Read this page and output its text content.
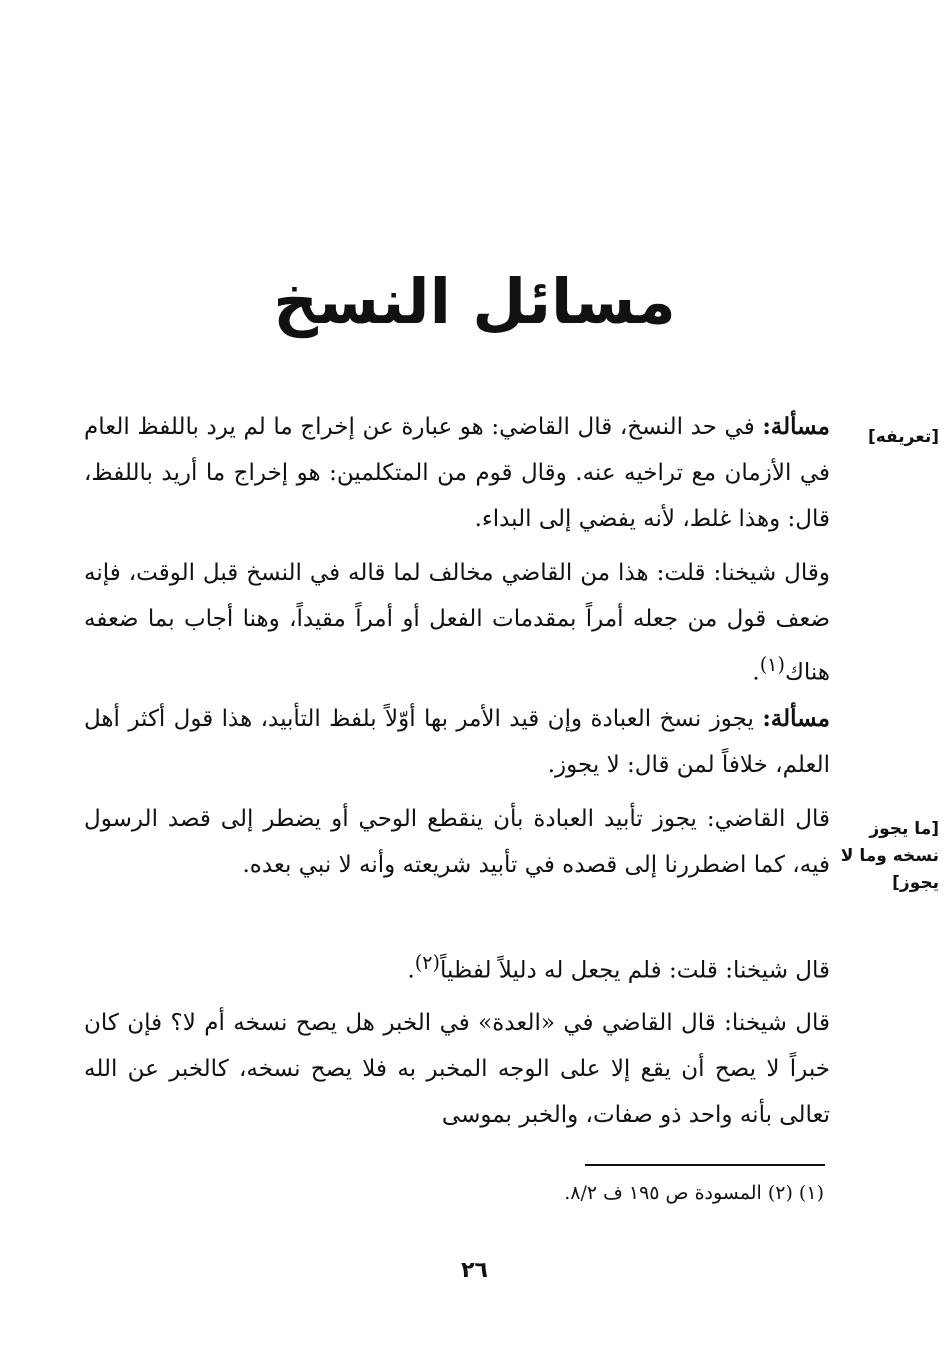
مسائل النسخ
[تعريفه]
[ما يجوز نسخه وما لا يجوز]

مسألة: في حد النسخ، قال القاضي: هو عبارة عن إخراج ما لم يرد باللفظ العام في الأزمان مع تراخيه عنه. وقال قوم من المتكلمين: هو إخراج ما أريد باللفظ، قال: وهذا غلط، لأنه يفضي إلى البداء.

وقال شيخنا: قلت: هذا من القاضي مخالف لما قاله في النسخ قبل الوقت، فإنه ضعف قول من جعله أمراً بمقدمات الفعل أو أمراً مقيداً، وهنا أجاب بما ضعفه هناك$^{(١)}$.

مسألة: يجوز نسخ العبادة وإن قيد الأمر بها أوّلاً بلفظ التأبيد، هذا قول أكثر أهل العلم، خلافاً لمن قال: لا يجوز.

قال القاضي: يجوز تأبيد العبادة بأن ينقطع الوحي أو يضطر إلى قصد الرسول فيه، كما اضطررنا إلى قصده في تأبيد شريعته وأنه لا نبي بعده.

قال شيخنا: قلت: فلم يجعل له دليلاً لفظياً$^{(٢)}$.

قال شيخنا: قال القاضي في «العدة» في الخبر هل يصح نسخه أم لا؟ فإن كان خبراً لا يصح أن يقع إلا على الوجه المخبر به فلا يصح نسخه، كالخبر عن الله تعالى بأنه واحد ذو صفات، والخبر بموسى

(١) (٢) المسودة ص ١٩٥ ف ٨/٢.
٢٦
